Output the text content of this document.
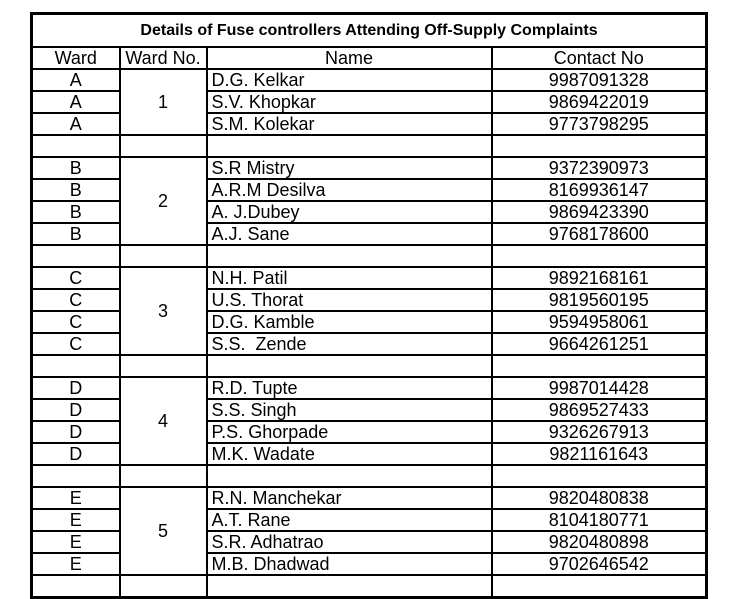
Details of Fuse controllers Attending Off-Supply Complaints			
Ward	Ward No.	Name	Contact No
A	1	D.G. Kelkar	9987091328
A		S.V. Khopkar	9869422019
A		S.M. Kolekar	9773798295

B	2	S.R Mistry	9372390973
B		A.R.M Desilva	8169936147
B		A. J.Dubey	9869423390
B		A.J. Sane	9768178600

C	3	N.H. Patil	9892168161
C		U.S. Thorat	9819560195
C		D.G. Kamble	9594958061
C		S.S.  Zende	9664261251

D	4	R.D. Tupte	9987014428
D		S.S. Singh	9869527433
D		P.S. Ghorpade	9326267913
D		M.K. Wadate	9821161643

E	5	R.N. Manchekar	9820480838
E		A.T. Rane	8104180771
E		S.R. Adhatrao	9820480898
E		M.B. Dhadwad	9702646542
